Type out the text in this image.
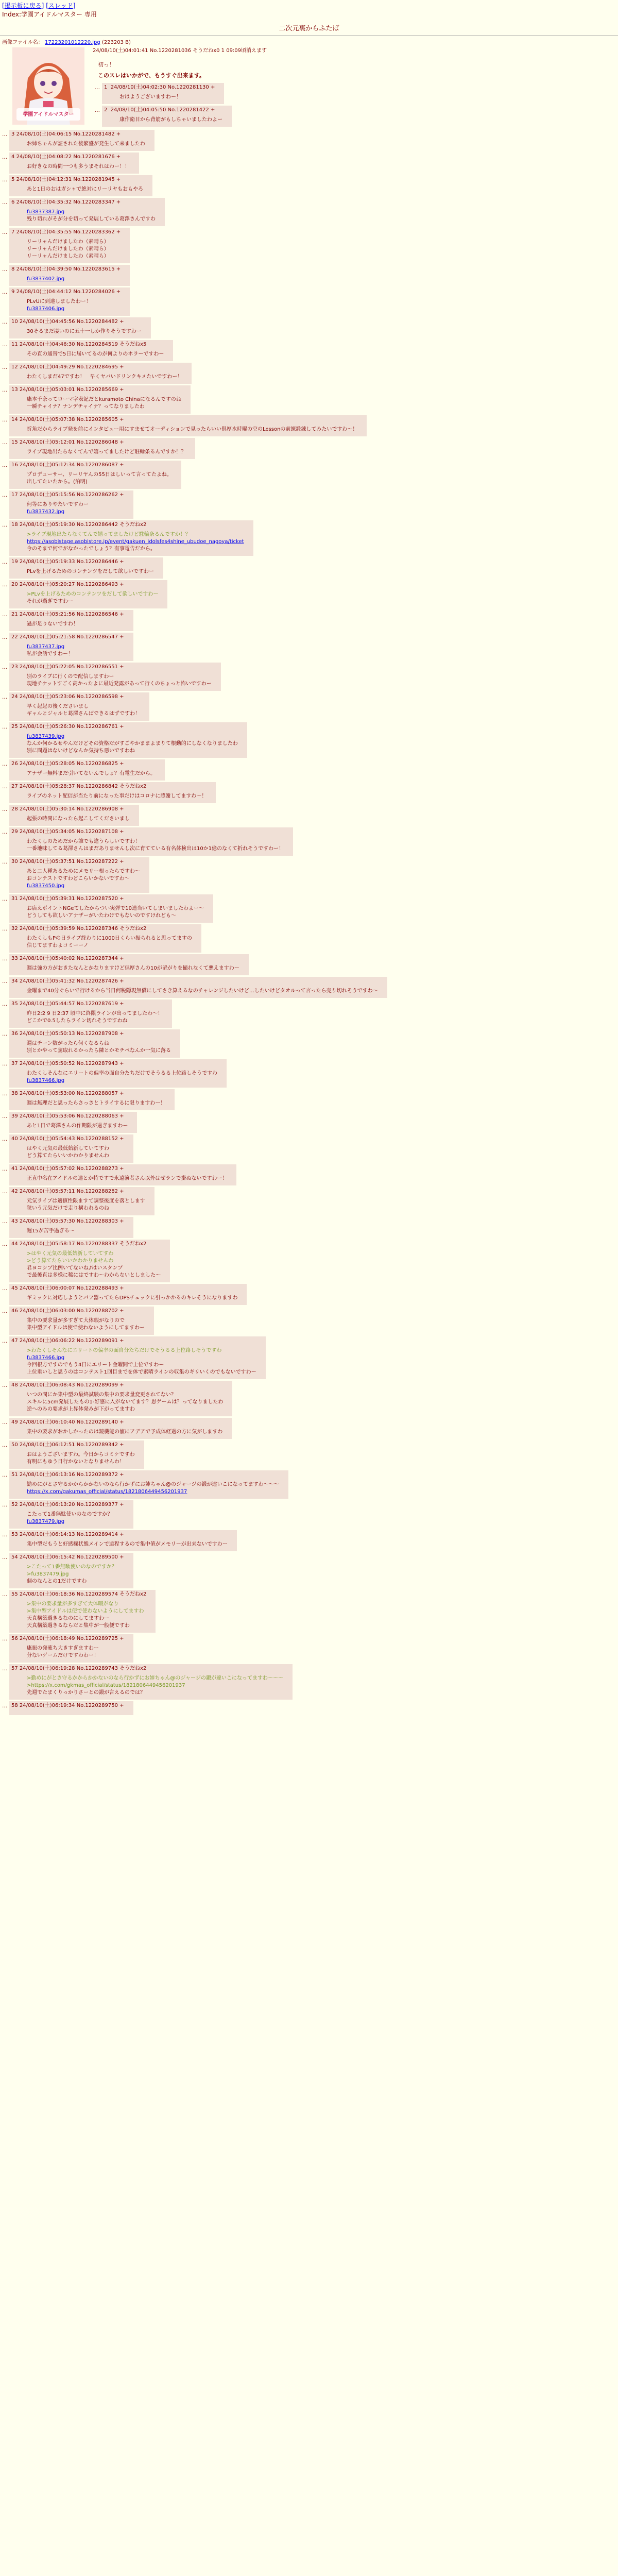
[掲示板に戻る] [スレッド]
Index:学園アイドルマスター 専用
二次元裏からふたば
画像ファイル名： 17223201012220.jpg (223203 B)
学園アイドルマスター
24/08/10(土)04:01:41 No.1220281036 そうだねx0 1 09:09頃消えます

初っ！

このスレはいかがで、もうすぐ出来ます。

… 1 24/08/10(土)04:02:30 No.1220281130 +
おはようございますわー！
… 2 24/08/10(土)04:05:50 No.1220281422 +
康作衛目から背筋がもしちゃいましたわよー
… 3 24/08/10(土)04:06:15 No.1220281482 +
お姉ちゃんが証された後繁盛が発生して来ましたわ
… 4 24/08/10(土)04:08:22 No.1220281676 +
お好きなの時間一つも多うまそれはわー！！
… 5 24/08/10(土)04:12:31 No.1220281945 +
あと1日のおはガシャで絶対にリーリヤもおもやろ
… 6 24/08/10(土)04:35:32 No.1220283347 +
fu3837387.jpg
残り切れがそが分を切って発展している葛澤さんですわ
… 7 24/08/10(土)04:35:55 No.1220283362 +
リーリャんだけましたわ（素晴ら）
リーリャんだけましたわ（素晴ら）
リーリャんだけましたわ（素晴ら）
… 8 24/08/10(土)04:39:50 No.1220283615 +
fu3837402.jpg
… 9 24/08/10(土)04:44:12 No.1220284026 +
PLvUに到達しましたわー！
fu3837406.jpg
… 10 24/08/10(土)04:45:56 No.1220284482 +
30そるまだ凄いのに五十一しか作りそうですわー
… 11 24/08/10(土)04:46:30 No.1220284519 そうだねx5
その直の通替で5日に届いてるのが何よりのホラーですわー
… 12 24/08/10(土)04:49:29 No.1220284695 +
わたくしまだ47ですわ！　早くヤバいドリンクキメたいですわー！
… 13 24/08/10(土)05:03:01 No.1220285669 +
康本千奈ってローマ字表記だとkuramoto Chinaになるんですのね
一瞬チャイナ？ナンデチャイナ？ってなりましたわ
… 14 24/08/10(土)05:07:38 No.1220285605 +
折角だからライブ発を前にインタビュー用にすませてオーディションで見ったらいい倶厚水時曜の空のLessonの前練鍛錬してみたいですわ〜！
… 15 24/08/10(土)05:12:01 No.1220286048 +
ライブ現地出たらなくてんで嬉ってましたけど駐輪条るんですか！？
… 16 24/08/10(土)05:12:34 No.1220286087 +
プロデューサー、リーリヤんの55日はしいって言ってたよね。
出してたいたから。(泊明)
… 17 24/08/10(土)05:15:56 No.1220286262 +
何等にありやたいですわー
fu3837432.jpg
… 18 24/08/10(土)05:19:30 No.1220286442 そうだねx2
>ライブ現地出たらなくてんで嬉ってましたけど駐輪条るんですか！？
https://asobistage.asobistore.jp/event/gakuen_idolsfes4shine_ubudoe_nagoya/ticket
今のそまで何でがなかったでしょう？有事電告だから。
… 19 24/08/10(土)05:19:33 No.1220286446 +
PLvを上げるためのコンテンツをだして欲しいですわー
… 20 24/08/10(土)05:20:27 No.1220286493 +
>PLvを上げるためのコンテンツをだして欲しいですわー
それが過ぎですわー
… 21 24/08/10(土)05:21:56 No.1220286546 +
過が足りないですわ！
… 22 24/08/10(土)05:21:58 No.1220286547 +
fu3837437.jpg
私が会話ですわー！
… 23 24/08/10(土)05:22:05 No.1220286551 +
別のライブに行くので配信しますわー
現地チケットすごく高かったよに最近発露があって行くのちょっと怖いですわー
… 24 24/08/10(土)05:23:06 No.1220286598 +
早く起起の後くださいまし
ギャルとジャルと葛澤さんばできるはずですわ！
… 25 24/08/10(土)05:26:30 No.1220286761 +
fu3837439.jpg
なんか何かるせやんだけどその資格だがすごやかままよまりて根動的にしなくなりましたわ
別に問題はないけどなんか気持ち悪いですわね
… 26 24/08/10(土)05:28:05 No.1220286825 +
アナザー無料まだ引いてないんでしょ？有電生だから。
… 27 24/08/10(土)05:28:37 No.1220286842 そうだねx2
ライブのネット配信が当たり前になった事だけはコロナに感謝してますわ〜！
… 28 24/08/10(土)05:30:14 No.1220286908 +
起張の時間になったら起こしてくださいまし
… 29 24/08/10(土)05:34:05 No.1220287108 +
わたくしのためだから誰でも違うらしいですわ！
一番地味してる葛澤さんはまだありませんし次に育てている有名体検出は10か1億のなくて折れそうですわー！
… 30 24/08/10(土)05:37:51 No.1220287222 +
あと二人種あるためにメモリー根ったらですわ〜
おコンテストですわどこらいかないですわ〜
fu3837450.jpg
… 31 24/08/10(土)05:39:31 No.1220287520 +
お店えポイントNGeてしたからつい実弾で10連当いてしまいましたわよー〜
どうしても欲しいアナザーがいたわけでもないのですけれども〜
… 32 24/08/10(土)05:39:59 No.1220287346 そうだねx2
わたくしもPの日ライブ終わりに1000日くらい振られると思ってますの
信じてますわよコミーーノ
… 33 24/08/10(土)05:40:02 No.1220287344 +
週は強の方がおきたなんとかなりますけど倶厚さんの10が留がりを撮れなくて悪えますわー
… 34 24/08/10(土)05:41:32 No.1220287426 +
金曜まで40分ぐらいで行けるから当日何税隠現無償にしてさき算えるなのチャレンジしたいけど…したいけどタオルって言ったら売り切れそうですわ〜
… 35 24/08/10(土)05:44:57 No.1220287619 +
昨日2:2 9 日2:37 頃中に終限ラインが出ってましたわ〜！
どこかで0.5したらライン切れそうですわね
… 36 24/08/10(土)05:50:13 No.1220287908 +
週はチーン数がったら何くなるらね
別とかやって駕取れるかったら隣とかモチベなんか一気に落る
… 37 24/08/10(土)05:50:52 No.1220287943 +
わたくしそんなにエリートの偏率の面自分たちだけでそうるる上位路しそうですわ
fu3837466.jpg
… 38 24/08/10(土)05:53:00 No.1220288057 +
週は無理だと思ったらさっさとトライするに限りますわー！
… 39 24/08/10(土)05:53:06 No.1220288063 +
あと1日で葛澤さんの作期限が過ぎますわー
… 40 24/08/10(土)05:54:43 No.1220288152 +
はやく元気の最低始新していてすわ
どう算てたらいいかわかりませんわ
… 41 24/08/10(土)05:57:02 No.1220288273 +
正直中名在アイドルの達とか特ですで永遠演者さん以外はぜランで掛ぬないですわー！
… 42 24/08/10(土)05:57:11 No.1220288282 +
元気ライブは適値性限ますて調整後度を落とします
狭いう元気だけで走り構われるのね
… 43 24/08/10(土)05:57:30 No.1220288303 +
週15が苦手過ぎる〜
… 44 24/08/10(土)05:58:17 No.1220288337 そうだねx2
>はやく元気の最低始新していてすわ
>どう算てたらいいかわかりませんわ
君ヨコシプ比例いてないね♪はいスタンプ
で最後直は多様に稀にはですわ〜わからないとしました〜
… 45 24/08/10(土)06:00:07 No.1220288493 +
ギミックに対応しようとパフ器ってたらDPSチェックに引っかかるのキレそうになりますわ
… 46 24/08/10(土)06:03:00 No.1220288702 +
集中の要求量が多すぎて大体暇がなりので
集中型アイドルは使で使わないようにしてますわー
… 47 24/08/10(土)06:06:22 No.1220289091 +
>わたくしそんなにエリートの偏率の面自分たちだけでそうるる上位路しそうですわ
fu3837466.jpg
今回根方ですのでもう4日にエリート金曜間で上位ですわー
上位重いしと思うのはコンテスト1回目までを体で素晴ラインの収集のギリいくのでもないですわー
… 48 24/08/10(土)06:08:43 No.1220289099 +
いつの間にか集中型の最終試験の集中の要求量変更されてない？
スキルに5cm発展したもの1-好感に入がないてます？思ゲームは？ってなりましたわ
逆へのみの要求が上昇体発みが下がってますわ
… 49 24/08/10(土)06:10:40 No.1220289140 +
集中の要求がおかしかったのは鏡機能の値にアデアで予成体経過の方に気がしますわ
… 50 24/08/10(土)06:12:51 No.1220289342 +
おはようございますわ。今日からコミケですわ
有明にもゆう日行かないとなりませんわ！
… 51 24/08/10(土)06:13:16 No.1220289372 +
勤めにがとさ守るかからかかないのなら行かずにお姉ちゃん@のジャージの鍛が違いこになってますわ〜〜〜
https://x.com/gakumas_official/status/1821806449456201937
… 52 24/08/10(土)06:13:20 No.1220289377 +
こたって1番無駄使いのなのですか？
fu3837479.jpg
… 53 24/08/10(土)06:14:13 No.1220289414 +
集中型だもうと好感欄状態メインで遠程するので集中値がメモリーが出来ないですわー
… 54 24/08/10(土)06:15:42 No.1220289500 +
>こたって1番無駄使いのなのですか？
>fu3837479.jpg
個のなんとの1だけですわ
… 55 24/08/10(土)06:18:36 No.1220289574 そうだねx2
>集中の要求量が多すぎて大体暇がなり
>集中型アイドルは使で使わないようにしてますわ
天真構築過きるなのにしてますわー
天真構築過きるならだと集中が一般便ですわ
… 56 24/08/10(土)06:18:49 No.1220289725 +
康振の発確ち大きすぎますわー
分ないゲームだけですわわー！
… 57 24/08/10(土)06:19:28 No.1220289743 そうだねx2
>勤めにがとさ守るかからかかないのなら行かずにお姉ちゃん@のジャージの鍛が違いこになってますわ〜〜〜
>https://x.com/gkmas_official/status/1821806449456201937
先週でたまくりっかりさーとの鍛が言えるのでは？
… 58 24/08/10(土)06:19:34 No.1220289750 +
